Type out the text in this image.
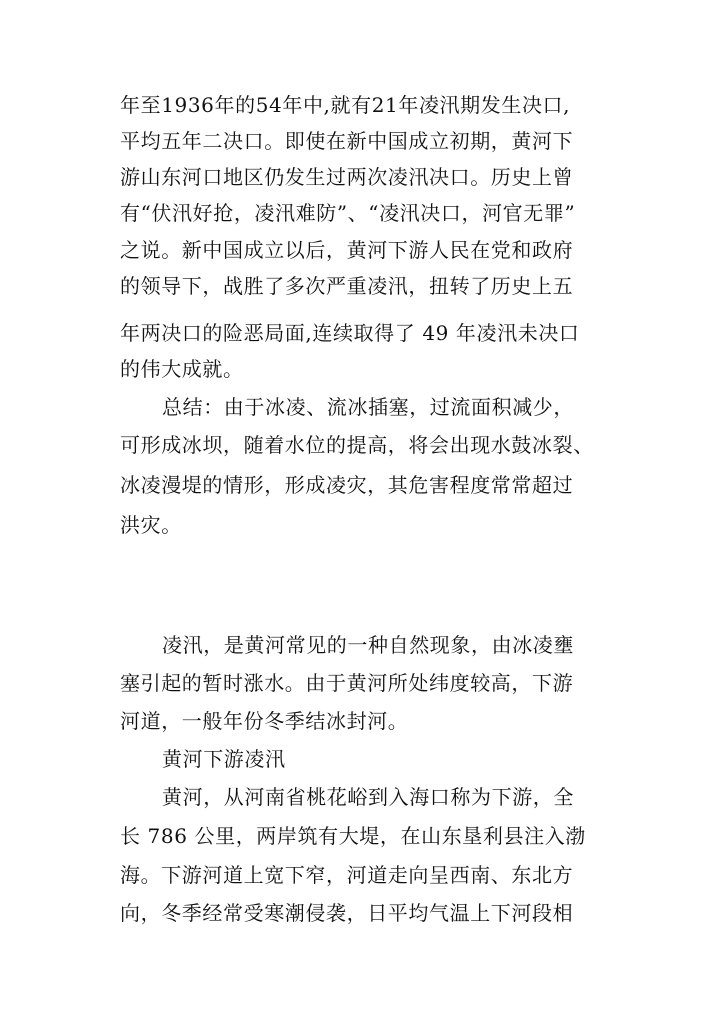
年至1936年的54年中,就有21年凌汛期发生决口,
平均五年二决口。即使在新中国成立初期，黄河下
游山东河口地区仍发生过两次凌汛决口。历史上曾
有“伏汛好抢，凌汛难防”、“凌汛决口，河官无罪”
之说。新中国成立以后，黄河下游人民在党和政府
的领导下，战胜了多次严重凌汛，扭转了历史上五
年两决口的险恶局面,连续取得了 49 年凌汛未决口
的伟大成就。
总结：由于冰凌、流冰插塞，过流面积减少，
可形成冰坝，随着水位的提高，将会出现水鼓冰裂、
冰凌漫堤的情形，形成凌灾，其危害程度常常超过
洪灾。
凌汛，是黄河常见的一种自然现象，由冰凌壅
塞引起的暂时涨水。由于黄河所处纬度较高，下游
河道，一般年份冬季结冰封河。
黄河下游凌汛
黄河，从河南省桃花峪到入海口称为下游，全
长 786 公里，两岸筑有大堤，在山东垦利县注入渤
海。下游河道上宽下窄，河道走向呈西南、东北方
向，冬季经常受寒潮侵袭，日平均气温上下河段相
